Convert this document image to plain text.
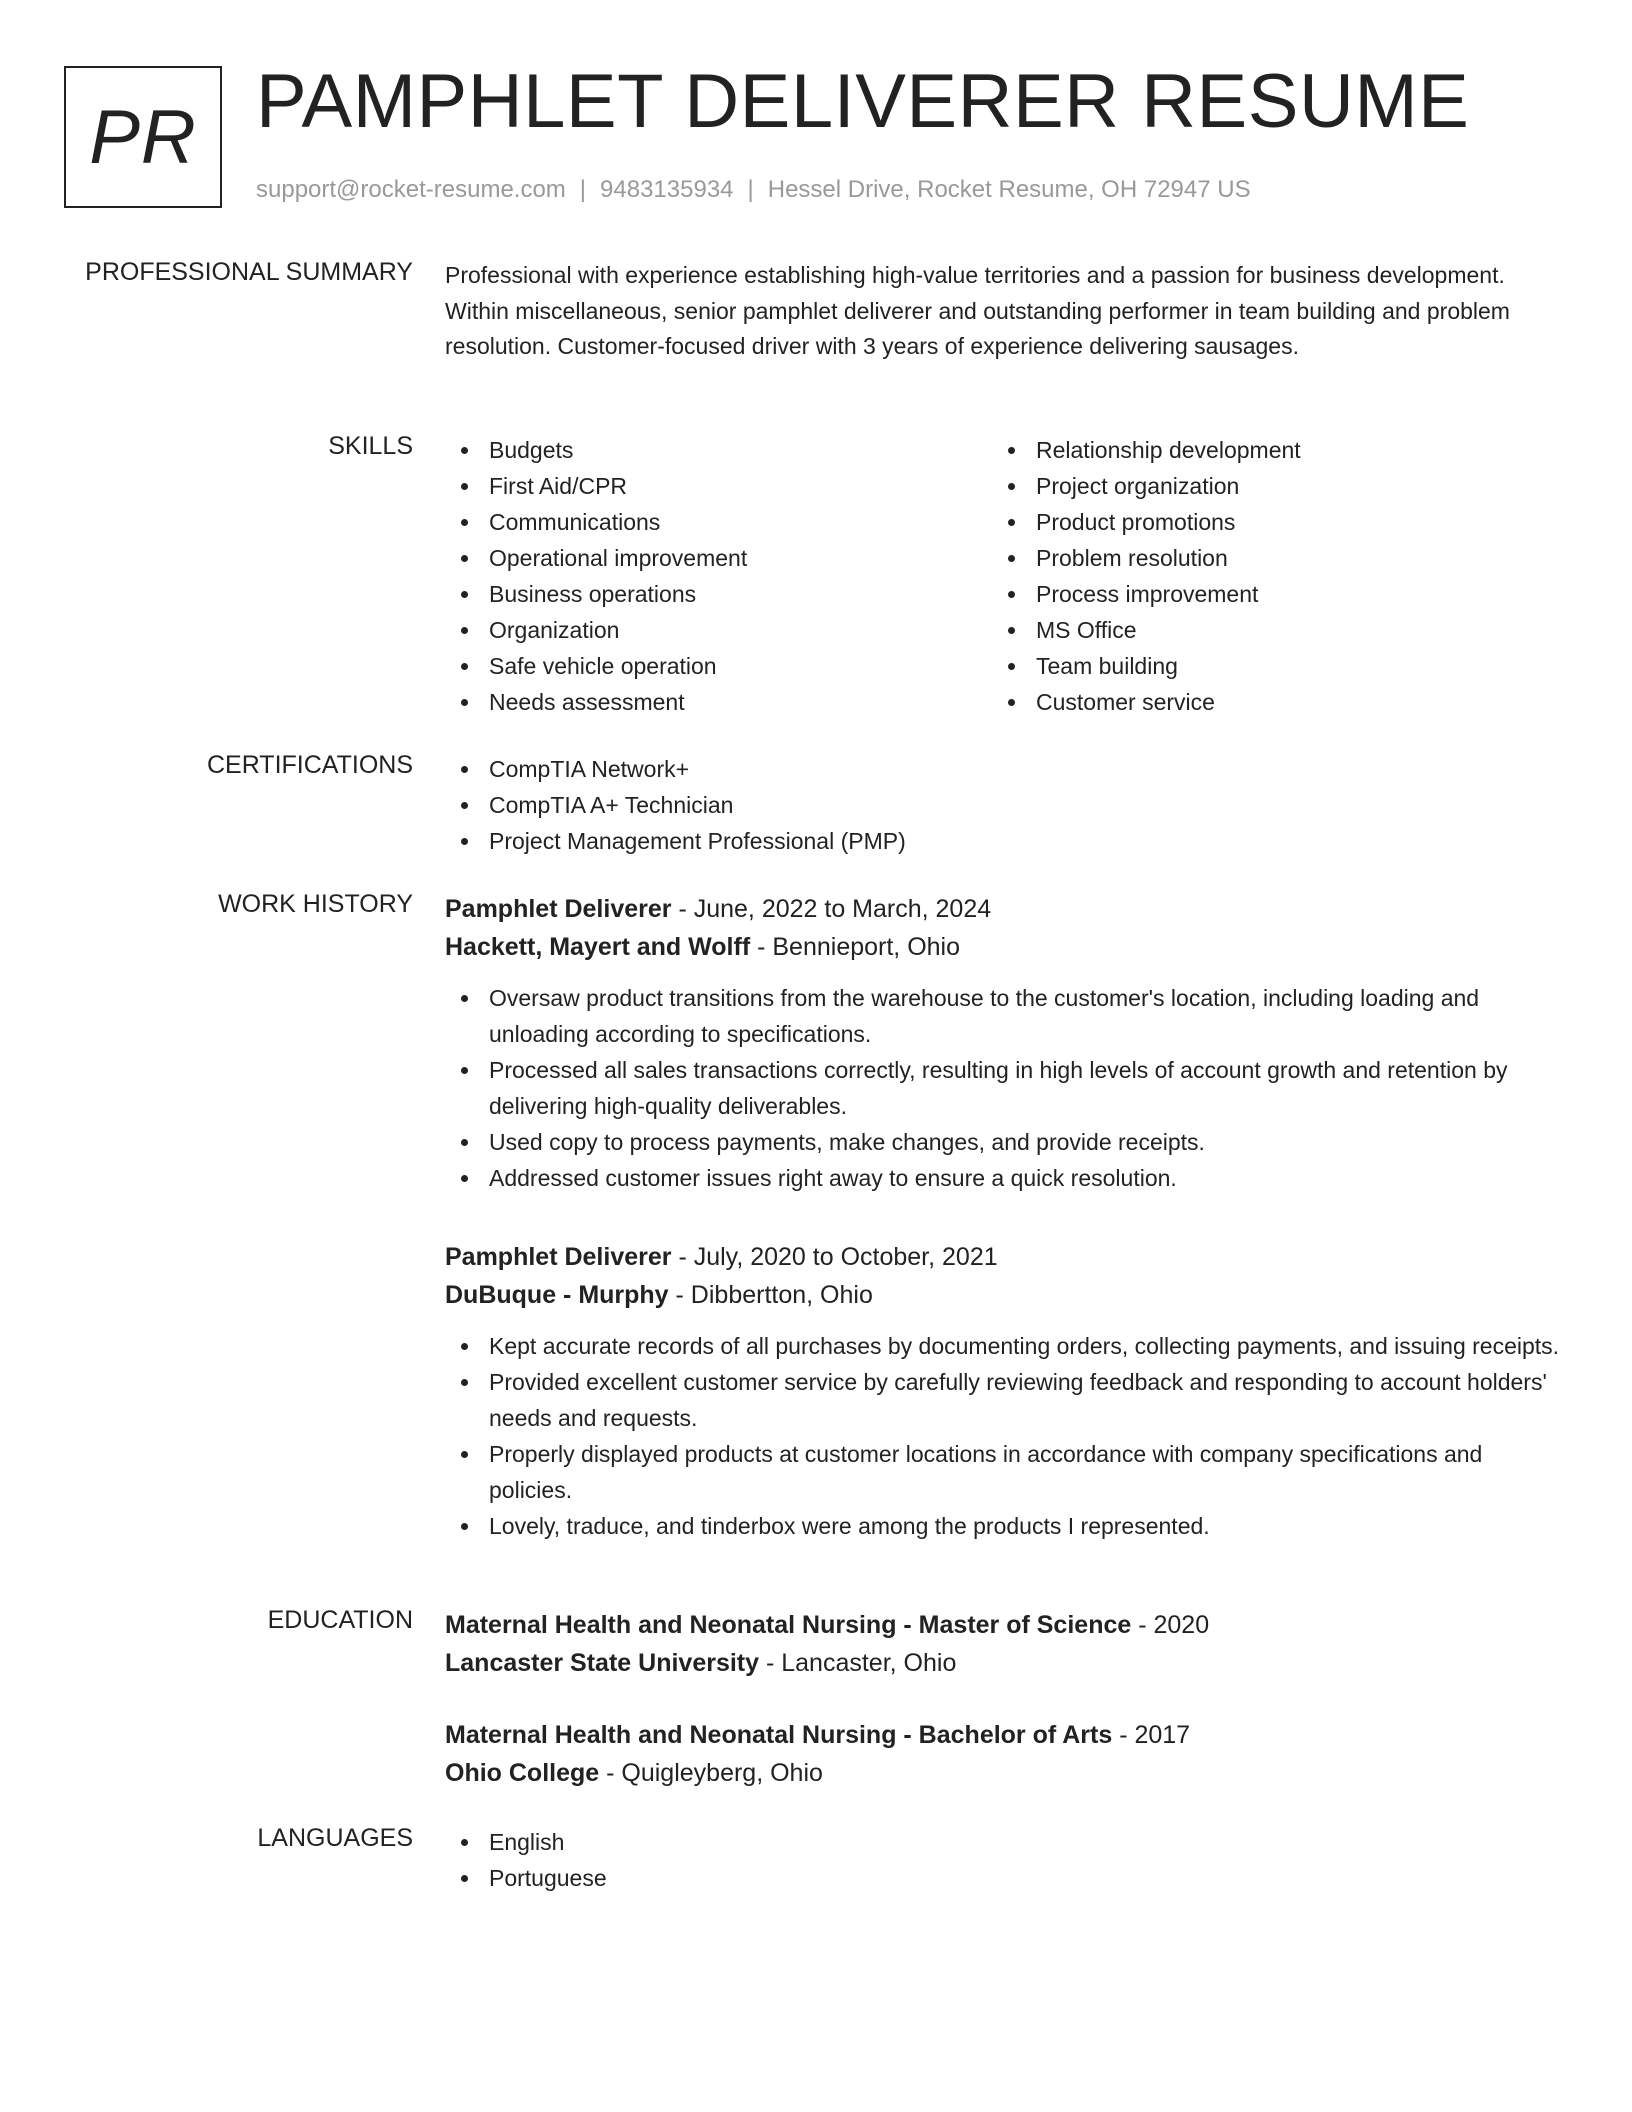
PR PAMPHLET DELIVERER RESUME
support@rocket-resume.com | 9483135934 | Hessel Drive, Rocket Resume, OH 72947 US
PROFESSIONAL SUMMARY Professional with experience establishing high-value territories and a passion for business development. Within miscellaneous, senior pamphlet deliverer and outstanding performer in team building and problem resolution. Customer-focused driver with 3 years of experience delivering sausages.
SKILLS	Budgets
First Aid/CPR
Communications
Operational improvement
Business operations
Organization
Safe vehicle operation
Needs assessment
Relationship development
Project organization
Product promotions
Problem resolution
Process improvement
MS Office
Team building
Customer service
CERTIFICATIONS	CompTIA Network+
CompTIA A+ Technician
Project Management Professional (PMP)
WORK HISTORY Pamphlet Deliverer - June, 2022 to March, 2024
Hackett, Mayert and Wolff - Bennieport, Ohio
Oversaw product transitions from the warehouse to the customer's location, including loading and unloading according to specifications.
Processed all sales transactions correctly, resulting in high levels of account growth and retention by delivering high-quality deliverables.
Used copy to process payments, make changes, and provide receipts.
Addressed customer issues right away to ensure a quick resolution.
Pamphlet Deliverer - July, 2020 to October, 2021
DuBuque - Murphy - Dibbertton, Ohio
Kept accurate records of all purchases by documenting orders, collecting payments, and issuing receipts.
Provided excellent customer service by carefully reviewing feedback and responding to account holders' needs and requests.
Properly displayed products at customer locations in accordance with company specifications and policies.
Lovely, traduce, and tinderbox were among the products I represented.
EDUCATION Maternal Health and Neonatal Nursing - Master of Science - 2020
Lancaster State University - Lancaster, Ohio
Maternal Health and Neonatal Nursing - Bachelor of Arts - 2017
Ohio College - Quigleyberg, Ohio
LANGUAGES	English
Portuguese
